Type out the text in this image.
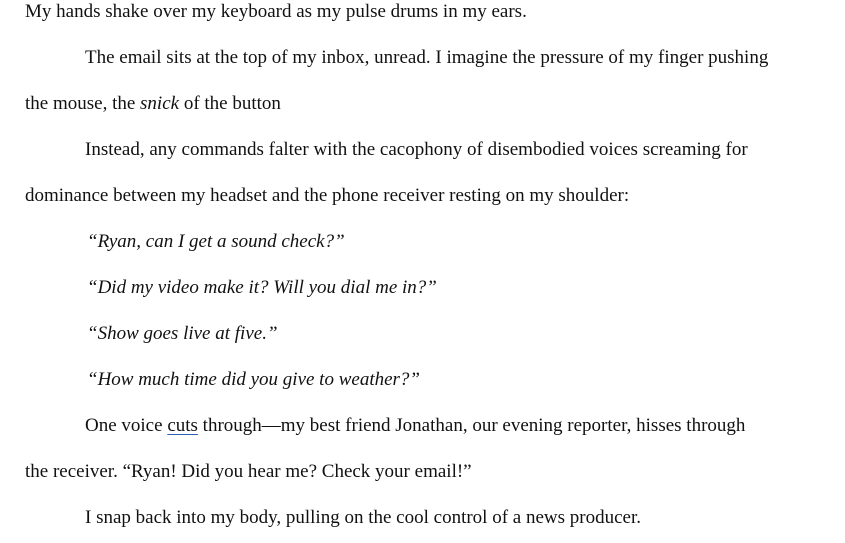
My hands shake over my keyboard as my pulse drums in my ears.
The email sits at the top of my inbox, unread. I imagine the pressure of my finger pushing
the mouse, the snick of the button
Instead, any commands falter with the cacophony of disembodied voices screaming for
dominance between my headset and the phone receiver resting on my shoulder:
“Ryan, can I get a sound check?”
“Did my video make it? Will you dial me in?”
“Show goes live at five.”
“How much time did you give to weather?”
One voice cuts through—my best friend Jonathan, our evening reporter, hisses through
the receiver. “Ryan! Did you hear me? Check your email!”
I snap back into my body, pulling on the cool control of a news producer.
